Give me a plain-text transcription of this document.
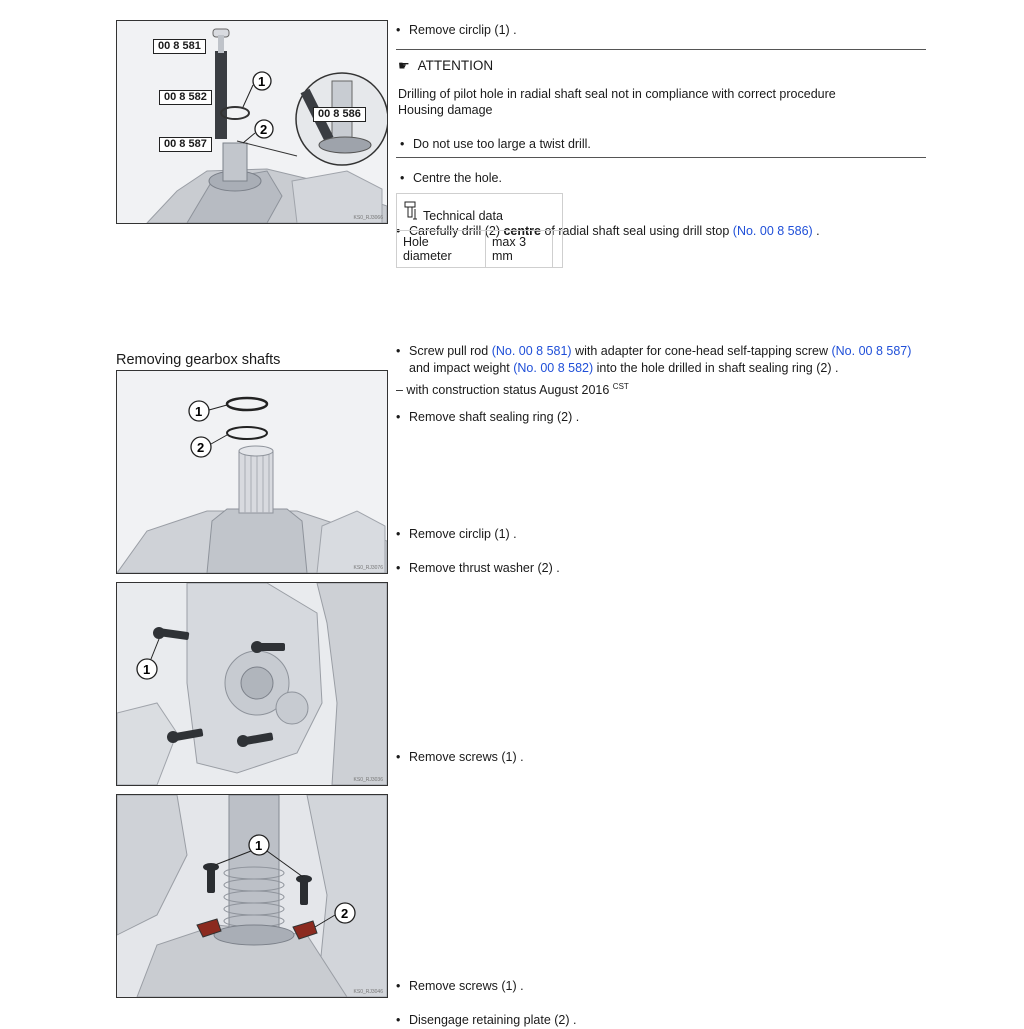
1
2
00 8 581
00 8 582
00 8 587
00 8 586
KS0_RJ3066
• Remove circlip (1) .
☛ ATTENTION
Drilling of pilot hole in radial shaft seal not in compliance with correct procedure
Housing damage
• Do not use too large a twist drill.
• Centre the hole.
• Carefully drill (2) centre of radial shaft seal using drill stop (No. 00 8 586) .
Technical data
Hole diameter	max 3 mm	
• Screw pull rod (No. 00 8 581) with adapter for cone-head self-tapping screw (No. 00 8 587)
and impact weight (No. 00 8 582) into the hole drilled in shaft sealing ring (2) .
• Remove shaft sealing ring (2) .
Removing gearbox shafts
1
2
KS0_RJ3076
– with construction status August 2016 $^{CST}$
• Remove circlip (1) .
• Remove thrust washer (2) .
1
KS0_RJ3036
• Remove screws (1) .
1
2
KS0_RJ3046
•	Remove screws (1) .
• Disengage retaining plate (2) .
